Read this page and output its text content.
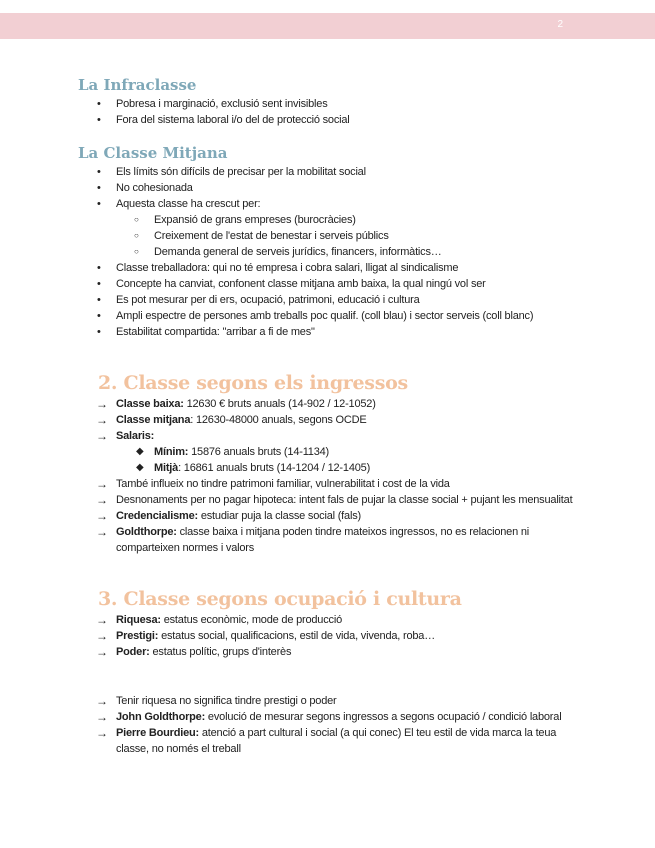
2
La Infraclasse
• Pobresa i marginació, exclusió sent invisibles
• Fora del sistema laboral i/o del de protecció social
La Classe Mitjana
• Els límits són difícils de precisar per la mobilitat social
• No cohesionada
• Aquesta classe ha crescut per:
○ Expansió de grans empreses (burocràcies)
○ Creixement de l'estat de benestar i serveis públics
○ Demanda general de serveis jurídics, financers, informàtics…
• Classe treballadora: qui no té empresa i cobra salari, lligat al sindicalisme
• Concepte ha canviat, confonent classe mitjana amb baixa, la qual ningú vol ser
• Es pot mesurar per di ers, ocupació, patrimoni, educació i cultura
• Ampli espectre de persones amb treballs poc qualif. (coll blau) i sector serveis (coll blanc)
• Estabilitat compartida: "arribar a fi de mes"
2. Classe segons els ingressos
→ Classe baixa: 12630 € bruts anuals (14-902 / 12-1052)
→ Classe mitjana: 12630-48000 anuals, segons OCDE
→ Salaris:
◆ Mínim: 15876 anuals bruts (14-1134)
◆ Mitjà: 16861 anuals bruts (14-1204 / 12-1405)
→ També influeix no tindre patrimoni familiar, vulnerabilitat i cost de la vida
→ Desnonaments per no pagar hipoteca: intent fals de pujar la classe social + pujant les mensualitat
→ Credencialisme: estudiar puja la classe social (fals)
→ Goldthorpe: classe baixa i mitjana poden tindre mateixos ingressos, no es relacionen ni comparteixen normes i valors
3. Classe segons ocupació i cultura
→ Riquesa: estatus econòmic, mode de producció
→ Prestigi: estatus social, qualificacions, estil de vida, vivenda, roba…
→ Poder: estatus polític, grups d'interès
→ Tenir riquesa no significa tindre prestigi o poder
→ John Goldthorpe: evolució de mesurar segons ingressos a segons ocupació / condició laboral
→ Pierre Bourdieu: atenció a part cultural i social (a qui conec) El teu estil de vida marca la teua classe, no només el treball
